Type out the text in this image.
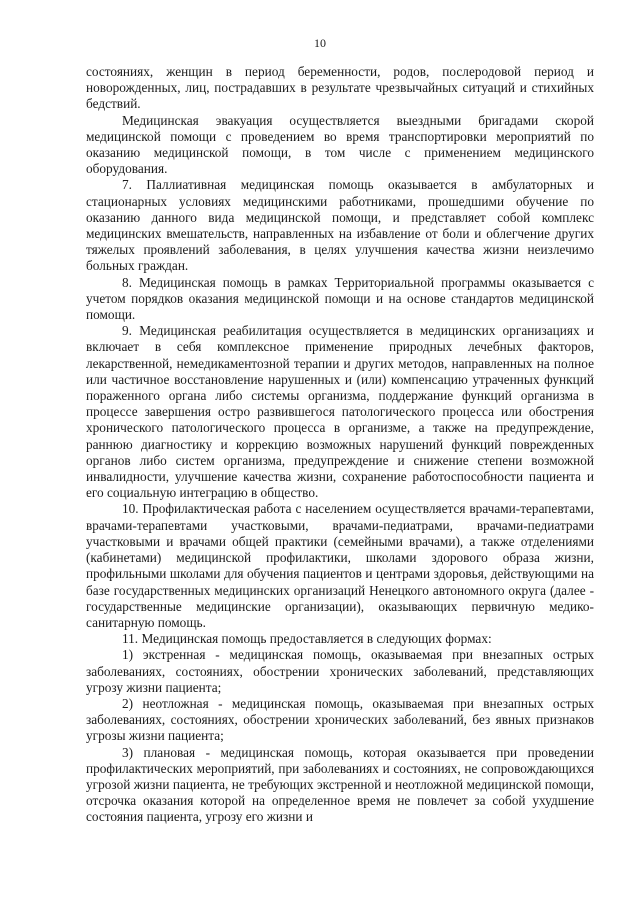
10

состояниях, женщин в период беременности, родов, послеродовой период и новорожденных, лиц, пострадавших в результате чрезвычайных ситуаций и стихийных бедствий.

Медицинская эвакуация осуществляется выездными бригадами скорой медицинской помощи с проведением во время транспортировки мероприятий по оказанию медицинской помощи, в том числе с применением медицинского оборудования.

7. Паллиативная медицинская помощь оказывается в амбулаторных и стационарных условиях медицинскими работниками, прошедшими обучение по оказанию данного вида медицинской помощи, и представляет собой комплекс медицинских вмешательств, направленных на избавление от боли и облегчение других тяжелых проявлений заболевания, в целях улучшения качества жизни неизлечимо больных граждан.

8. Медицинская помощь в рамках Территориальной программы оказывается с учетом порядков оказания медицинской помощи и на основе стандартов медицинской помощи.

9. Медицинская реабилитация осуществляется в медицинских организациях и включает в себя комплексное применение природных лечебных факторов, лекарственной, немедикаментозной терапии и других методов, направленных на полное или частичное восстановление нарушенных и (или) компенсацию утраченных функций пораженного органа либо системы организма, поддержание функций организма в процессе завершения остро развившегося патологического процесса или обострения хронического патологического процесса в организме, а также на предупреждение, раннюю диагностику и коррекцию возможных нарушений функций поврежденных органов либо систем организма, предупреждение и снижение степени возможной инвалидности, улучшение качества жизни, сохранение работоспособности пациента и его социальную интеграцию в общество.

10. Профилактическая работа с населением осуществляется врачами-терапевтами, врачами-терапевтами участковыми, врачами-педиатрами, врачами-педиатрами участковыми и врачами общей практики (семейными врачами), а также отделениями (кабинетами) медицинской профилактики, школами здорового образа жизни, профильными школами для обучения пациентов и центрами здоровья, действующими на базе государственных медицинских организаций Ненецкого автономного округа (далее - государственные медицинские организации), оказывающих первичную медико-санитарную помощь.

11. Медицинская помощь предоставляется в следующих формах:

1) экстренная - медицинская помощь, оказываемая при внезапных острых заболеваниях, состояниях, обострении хронических заболеваний, представляющих угрозу жизни пациента;

2) неотложная - медицинская помощь, оказываемая при внезапных острых заболеваниях, состояниях, обострении хронических заболеваний, без явных признаков угрозы жизни пациента;

3) плановая - медицинская помощь, которая оказывается при проведении профилактических мероприятий, при заболеваниях и состояниях, не сопровождающихся угрозой жизни пациента, не требующих экстренной и неотложной медицинской помощи, отсрочка оказания которой на определенное время не повлечет за собой ухудшение состояния пациента, угрозу его жизни и
